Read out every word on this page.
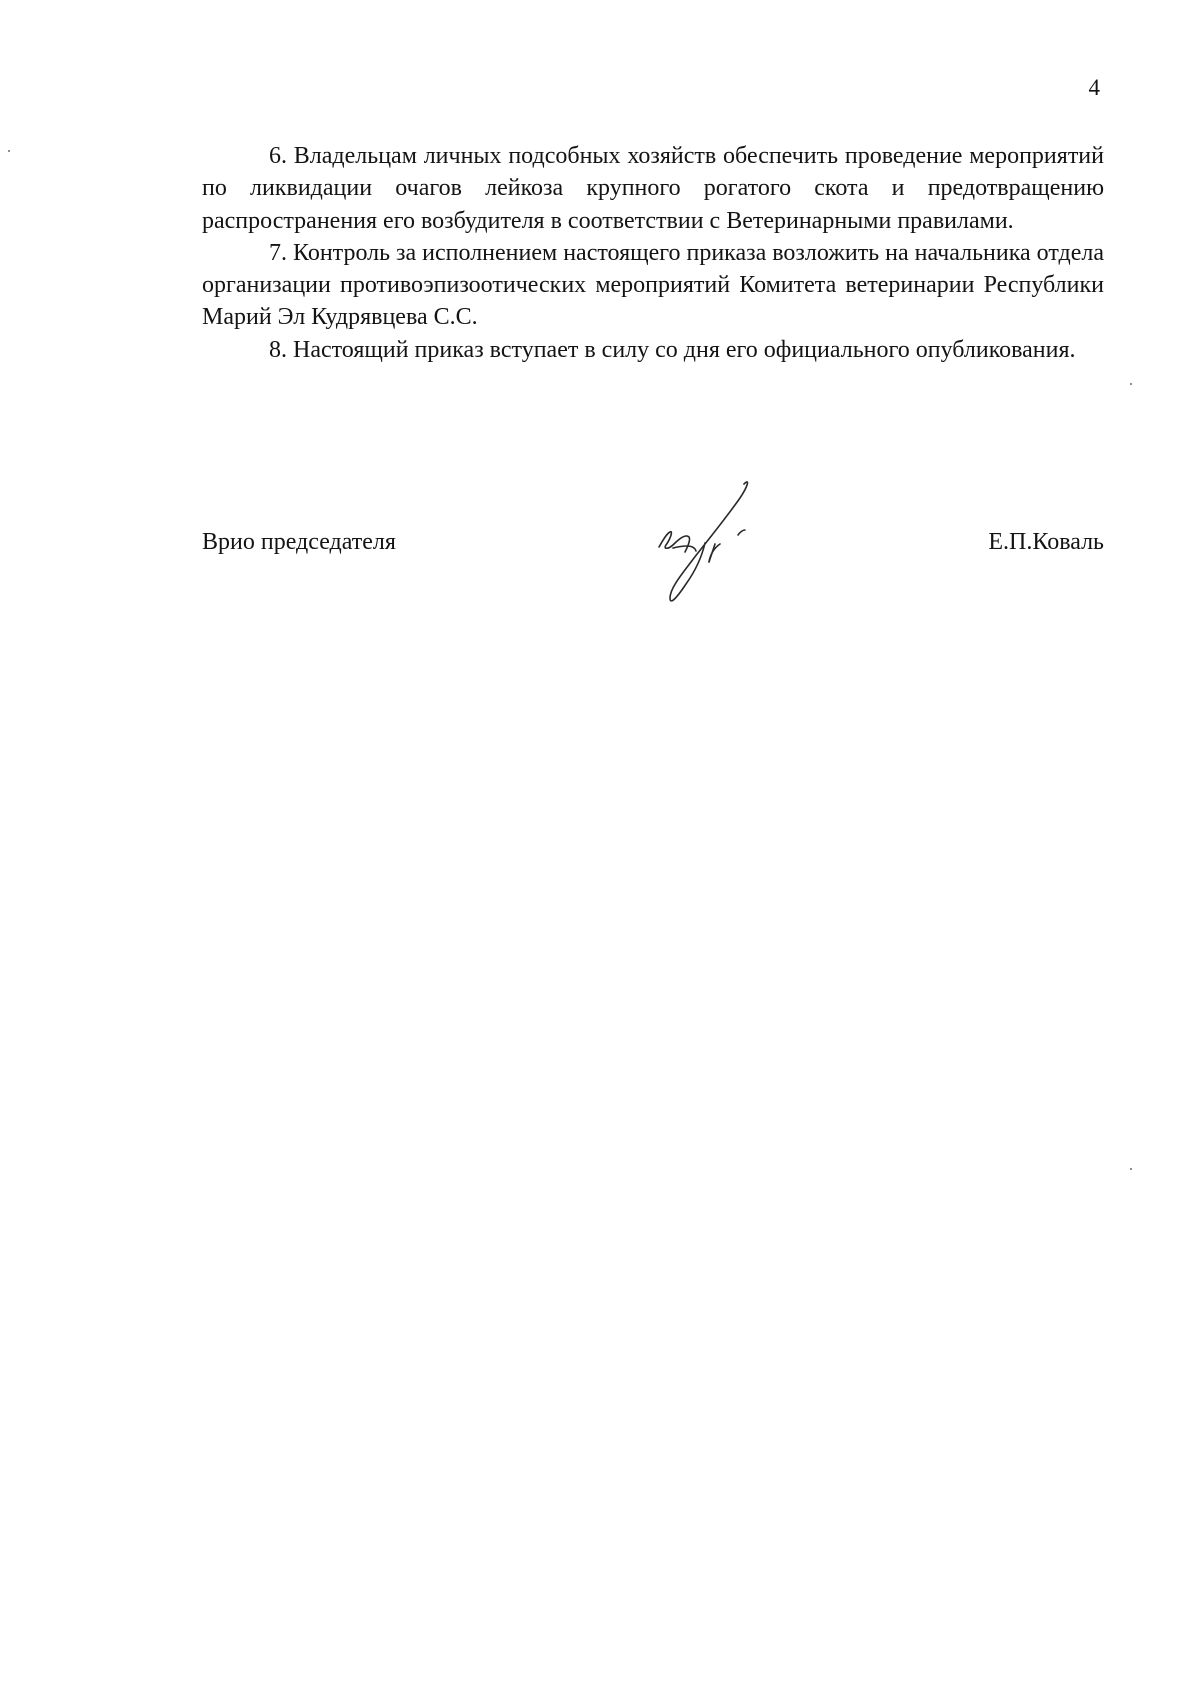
4

6. Владельцам личных подсобных хозяйств обеспечить проведение мероприятий по ликвидации очагов лейкоза крупного рогатого скота и предотвращению распространения его возбудителя в соответствии с Ветеринарными правилами.

7. Контроль за исполнением настоящего приказа возложить на начальника отдела организации противоэпизоотических мероприятий Комитета ветеринарии Республики Марий Эл Кудрявцева С.С.

8. Настоящий приказ вступает в силу со дня его официального опубликования.

Врио председателя	Е.П.Коваль
